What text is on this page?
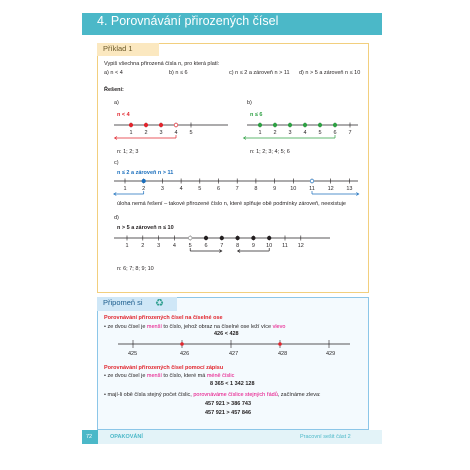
4. Porovnávání přirozených čísel
Příklad 1
Vypiš všechna přirozená čísla n, pro která platí:
a) n < 4	b) n ≤ 6	c) n ≤ 2 a zároveň n > 11 d) n > 5 a zároveň n ≤ 10
Řešení:
a)
n < 4
n: 1; 2; 3
b)
n ≤ 6
n: 1; 2; 3; 4; 5; 6
c)
n ≤ 2 a zároveň n > 11
úloha nemá řešení – takové přirozené číslo n, které splňuje obě podmínky zároveň, neexistuje
d)
n > 5 a zároveň n ≤ 10
n: 6; 7; 8; 9; 10
Připomeň si ♻
Porovnávání přirozených čísel na číselné ose
• ze dvou čísel je menší to číslo, jehož obraz na číselné ose leží více vlevo
426 < 428
425	426	427	428	429
Porovnávání přirozených čísel pomocí zápisu
• ze dvou čísel je menší to číslo, které má méně číslic
8 365 < 1 342 128
• mají-li obě čísla stejný počet číslic, porovnáváme číslice stejných řádů, začínáme zleva:
457 921 > 386 743
457 921 > 457 846
72	OPAKOVÁNÍ	Pracovní sešit část 2
1 2 3 4 5	1 2 3 4 5 6 7
1	2	3	4	5	6	7	8	9	10 11 12 13
1 2 3 4 5 6 7 8 9 10 11 12
